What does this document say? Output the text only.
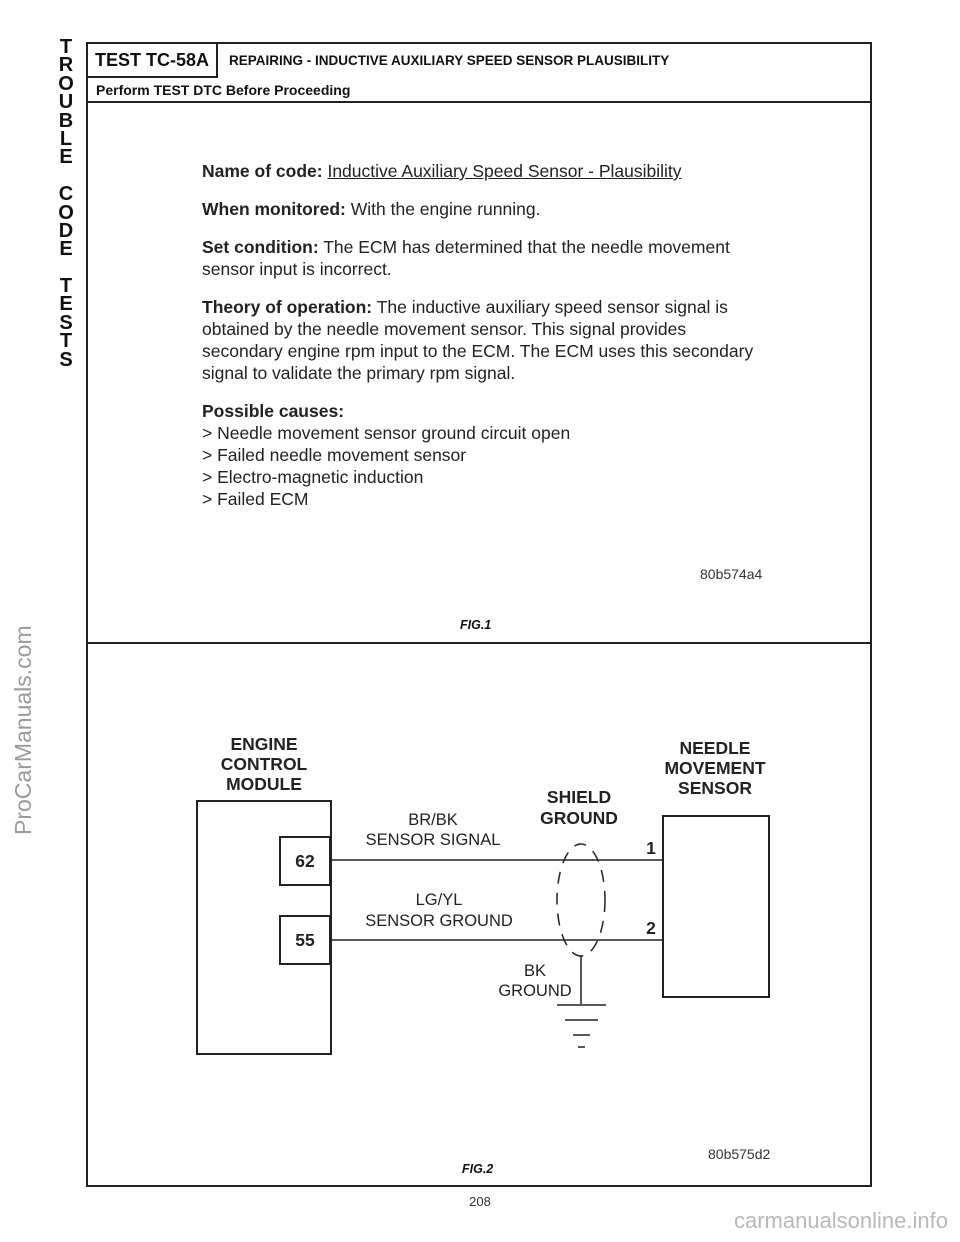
T
R
O
U
B
L
E
C
O
D
E
T
E
S
T
S
ProCarManuals.com
TEST TC-58A	REPAIRING - INDUCTIVE AUXILIARY SPEED SENSOR PLAUSIBILITY
Perform TEST DTC Before Proceeding
Name of code: Inductive Auxiliary Speed Sensor - Plausibility
When monitored: With the engine running.
Set condition: The ECM has determined that the needle movement sensor input is incorrect.
Theory of operation: The inductive auxiliary speed sensor signal is obtained by the needle movement sensor. This signal provides secondary engine rpm input to the ECM. The ECM uses this secondary signal to validate the primary rpm signal.
Possible causes:
> Needle movement sensor ground circuit open
> Failed needle movement sensor
> Electro-magnetic induction
> Failed ECM
80b574a4
FIG.1
ENGINE
CONTROL
MODULE
NEEDLE
MOVEMENT
SENSOR
SHIELD
GROUND
62
55
BR/BK
SENSOR SIGNAL
LG/YL
SENSOR GROUND
BK
GROUND
1
2
80b575d2
FIG.2
208
carmanualsonline.info
